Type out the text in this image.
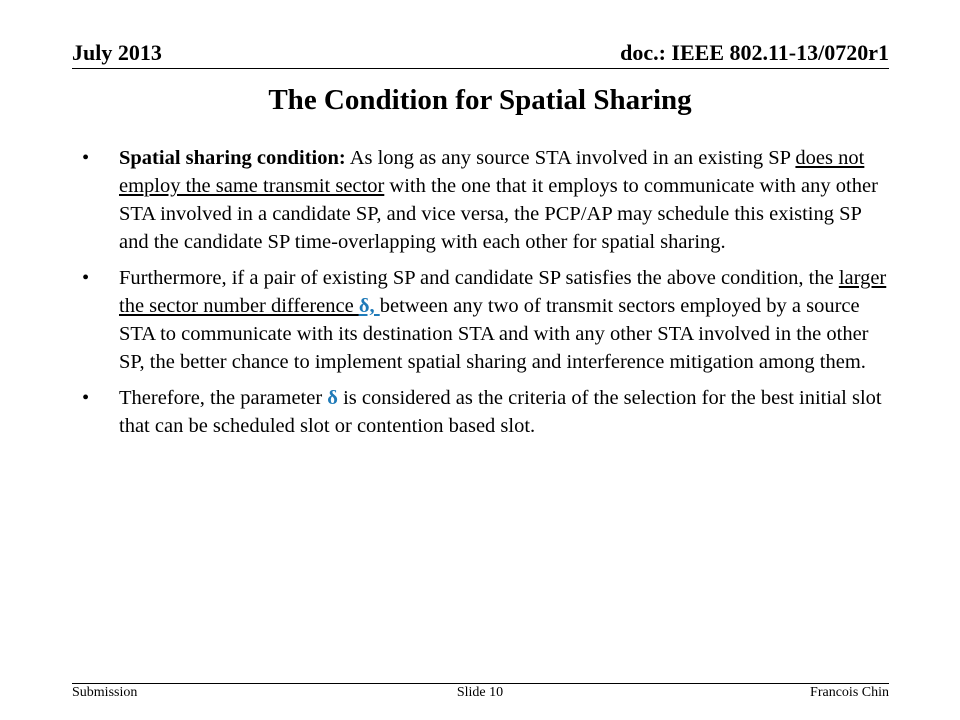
July 2013	doc.: IEEE 802.11-13/0720r1
The Condition for Spatial Sharing
•	Spatial sharing condition: As long as any source STA involved in an existing SP does not employ the same transmit sector with the one that it employs to communicate with any other STA involved in a candidate SP, and vice versa, the PCP/AP may schedule this existing SP and the candidate SP time-overlapping with each other for spatial sharing.
•	Furthermore, if a pair of existing SP and candidate SP satisfies the above condition, the larger the sector number difference δ, between any two of transmit sectors employed by a source STA to communicate with its destination STA and with any other STA involved in the other SP, the better chance to implement spatial sharing and interference mitigation among them.
•	Therefore, the parameter δ is considered as the criteria of the selection for the best initial slot that can be scheduled slot or contention based slot.
Submission	Slide 10	Francois Chin
